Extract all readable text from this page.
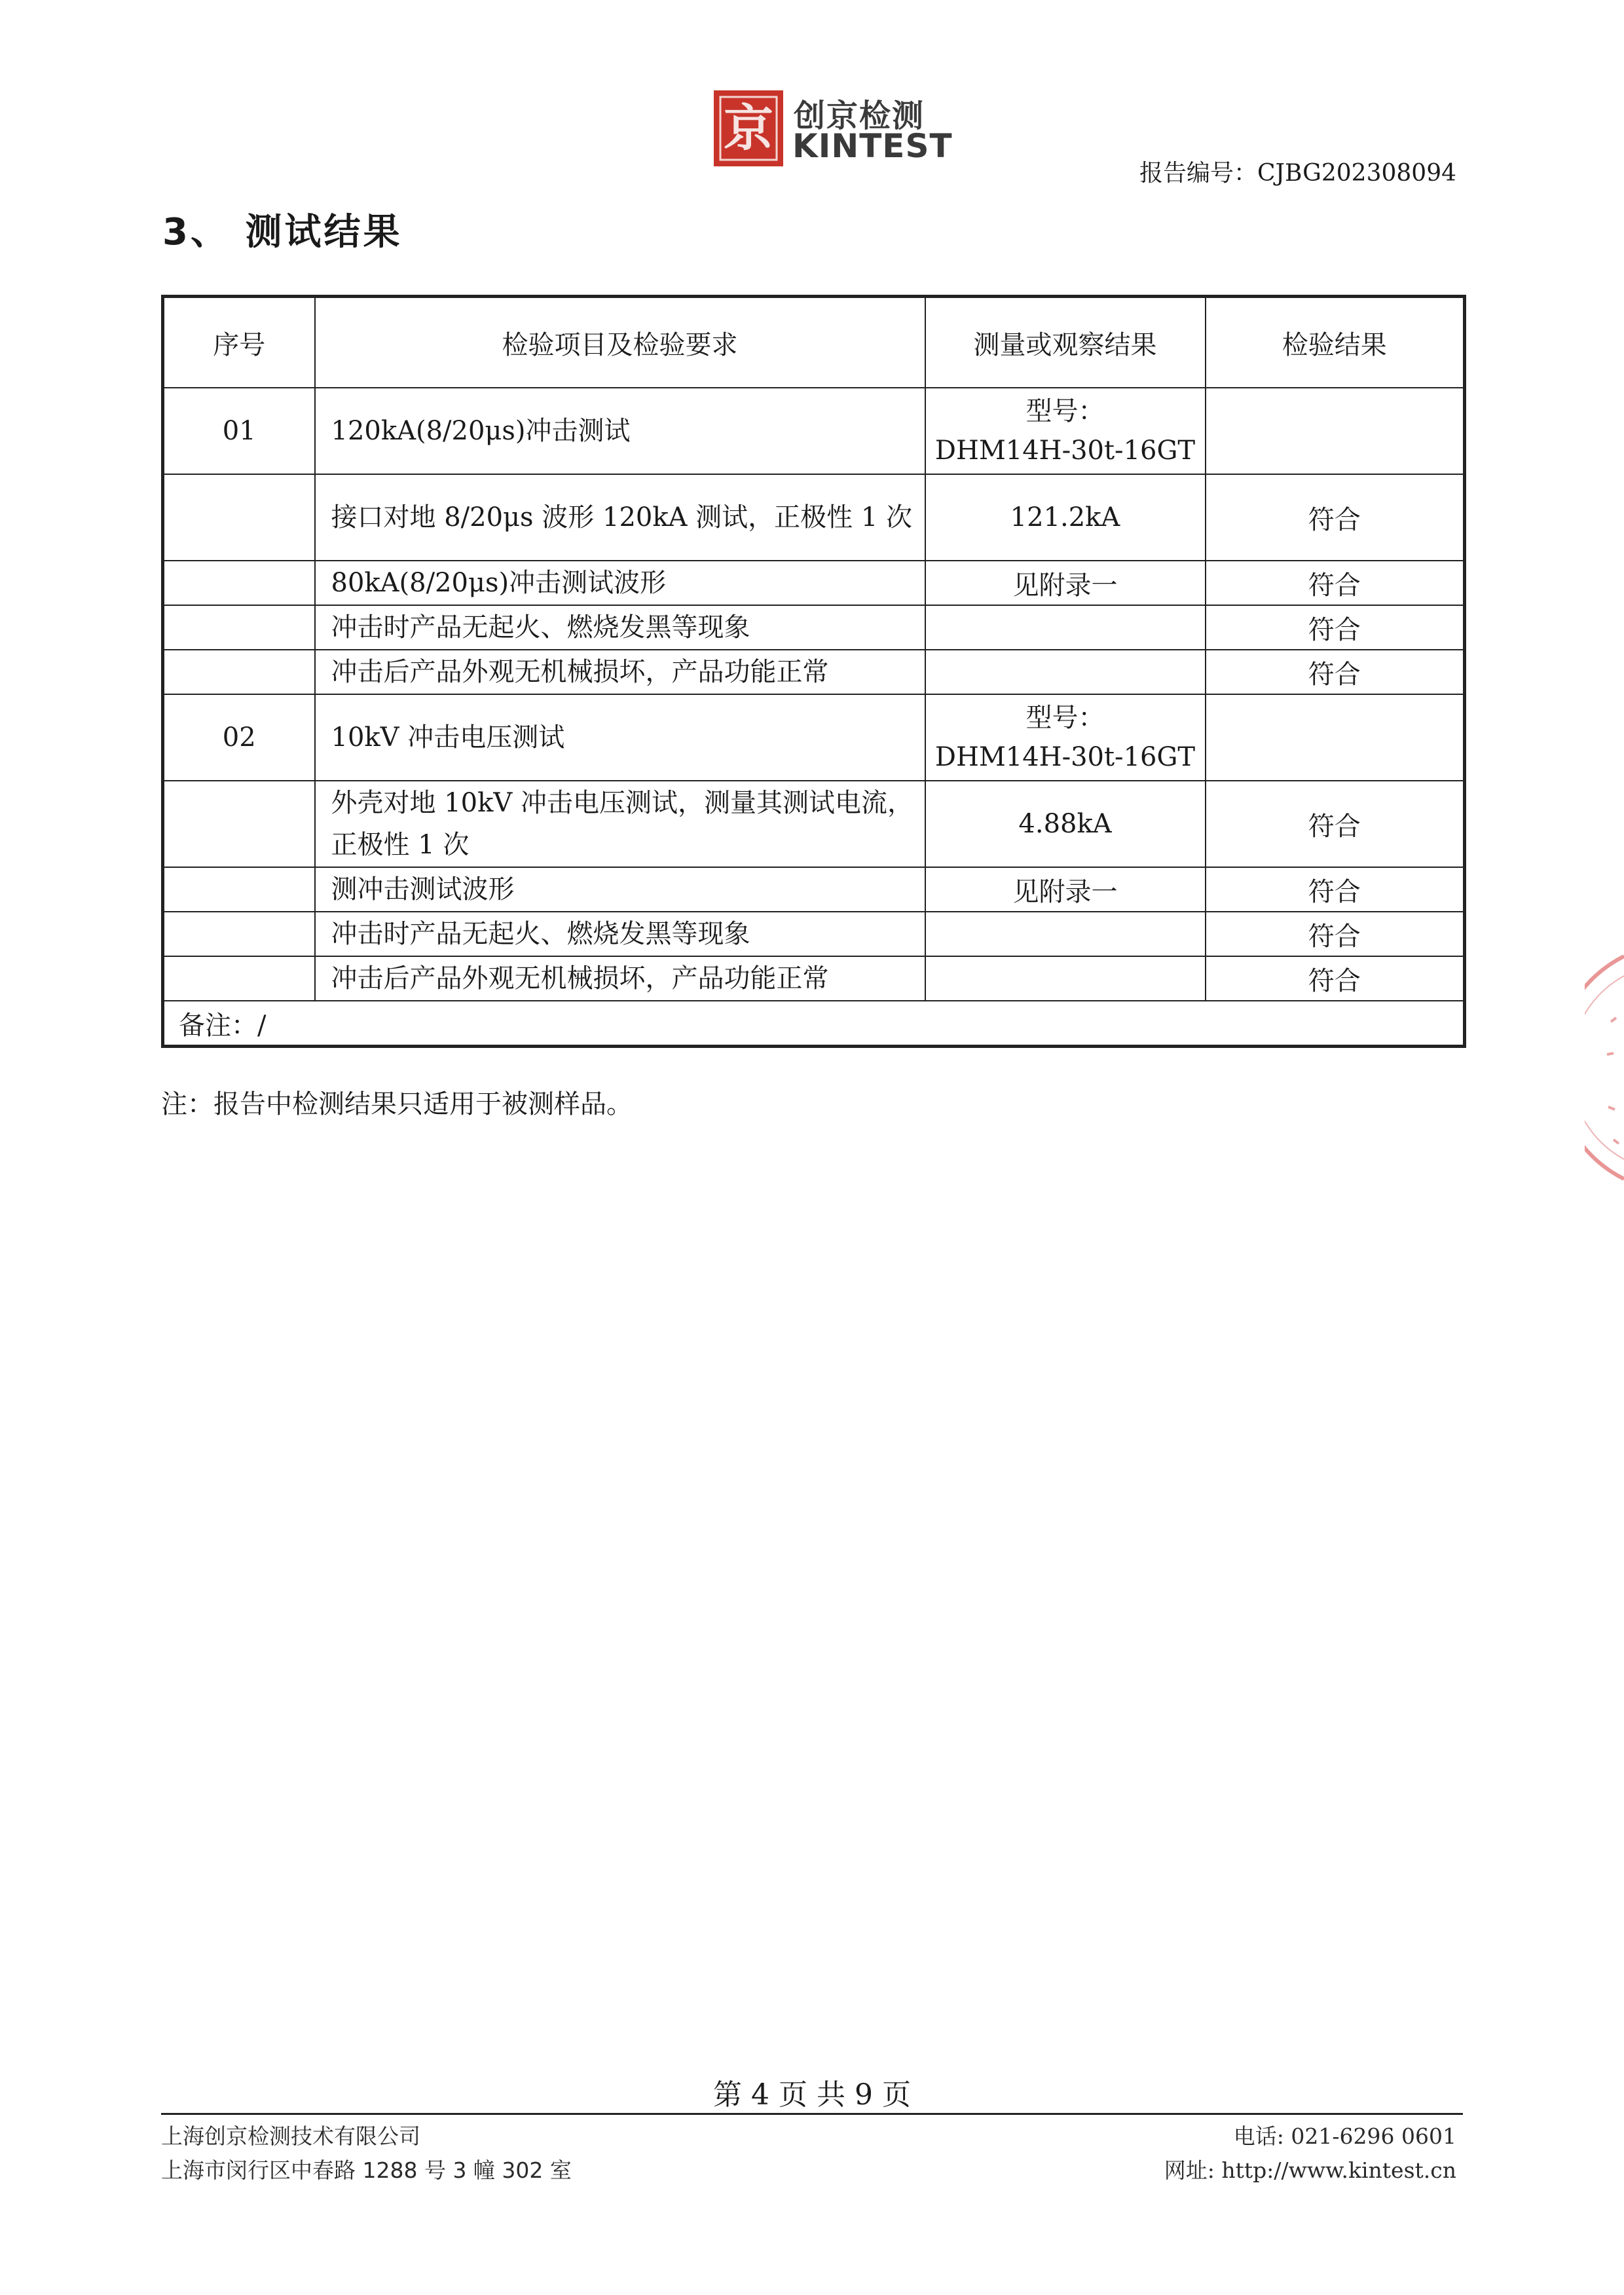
京 创京检测
KINTEST
报告编号：CJBG202308094
3、 测试结果
序号	检验项目及检验要求	测量或观察结果	检验结果
01	120kA(8/20μs)冲击测试	型号：
DHM14H-30t-16GT	

	接口对地 8/20μs 波形 120kA 测试，正极性 1 次	121.2kA	符合
	80kA(8/20μs)冲击测试波形	见附录一	符合
	冲击时产品无起火、燃烧发黑等现象		符合
	冲击后产品外观无机械损坏，产品功能正常		符合
02	10kV 冲击电压测试	型号：
DHM14H-30t-16GT	

	外壳对地 10kV 冲击电压测试，测量其测试电流，正极性 1 次	4.88kA	符合
	测冲击测试波形	见附录一	符合
	冲击时产品无起火、燃烧发黑等现象		符合
	冲击后产品外观无机械损坏，产品功能正常		符合
备注：/			
注：报告中检测结果只适用于被测样品。
第 4 页 共 9 页
上海创京检测技术有限公司
上海市闵行区中春路 1288 号 3 幢 302 室
电话: 021-6296 0601
网址: http://www.kintest.cn
